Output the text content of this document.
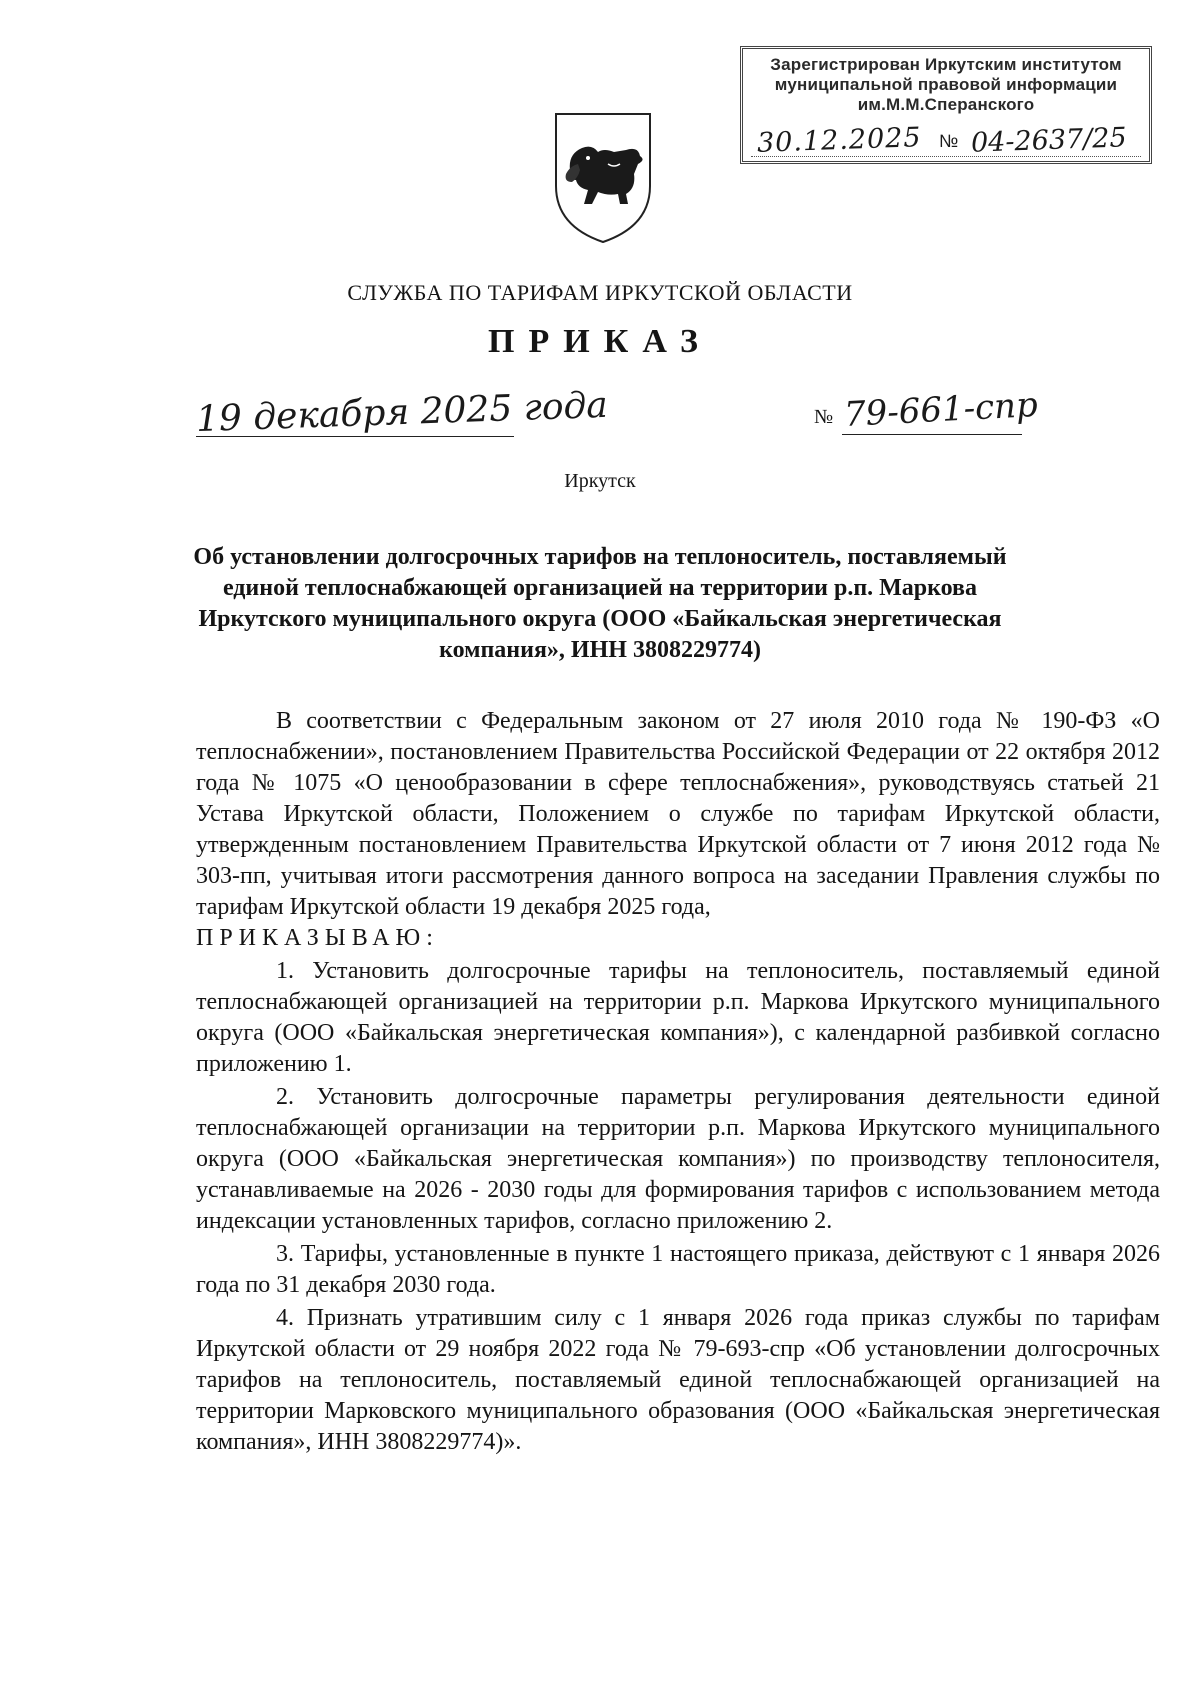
Зарегистрирован Иркутским институтом
муниципальной правовой информации
им.М.М.Сперанского
30.12.2025 № 04-2637/25
СЛУЖБА ПО ТАРИФАМ ИРКУТСКОЙ ОБЛАСТИ
ПРИКАЗ
19 декабря 2025 года	№ 79-661-спр
Иркутск
Об установлении долгосрочных тарифов на теплоноситель, поставляемый единой теплоснабжающей организацией на территории р.п. Маркова Иркутского муниципального округа (ООО «Байкальская энергетическая компания», ИНН 3808229774)

В соответствии с Федеральным законом от 27 июля 2010 года № 190-ФЗ «О теплоснабжении», постановлением Правительства Российской Федерации от 22 октября 2012 года № 1075 «О ценообразовании в сфере теплоснабжения», руководствуясь статьей 21 Устава Иркутской области, Положением о службе по тарифам Иркутской области, утвержденным постановлением Правительства Иркутской области от 7 июня 2012 года № 303-пп, учитывая итоги рассмотрения данного вопроса на заседании Правления службы по тарифам Иркутской области 19 декабря 2025 года,

ПРИКАЗЫВАЮ:

1. Установить долгосрочные тарифы на теплоноситель, поставляемый единой теплоснабжающей организацией на территории р.п. Маркова Иркутского муниципального округа (ООО «Байкальская энергетическая компания»), с календарной разбивкой согласно приложению 1.

2. Установить долгосрочные параметры регулирования деятельности единой теплоснабжающей организации на территории р.п. Маркова Иркутского муниципального округа (ООО «Байкальская энергетическая компания») по производству теплоносителя, устанавливаемые на 2026 - 2030 годы для формирования тарифов с использованием метода индексации установленных тарифов, согласно приложению 2.

3. Тарифы, установленные в пункте 1 настоящего приказа, действуют с 1 января 2026 года по 31 декабря 2030 года.

4. Признать утратившим силу с 1 января 2026 года приказ службы по тарифам Иркутской области от 29 ноября 2022 года № 79-693-спр «Об установлении долгосрочных тарифов на теплоноситель, поставляемый единой теплоснабжающей организацией на территории Марковского муниципального образования (ООО «Байкальская энергетическая компания», ИНН 3808229774)».
